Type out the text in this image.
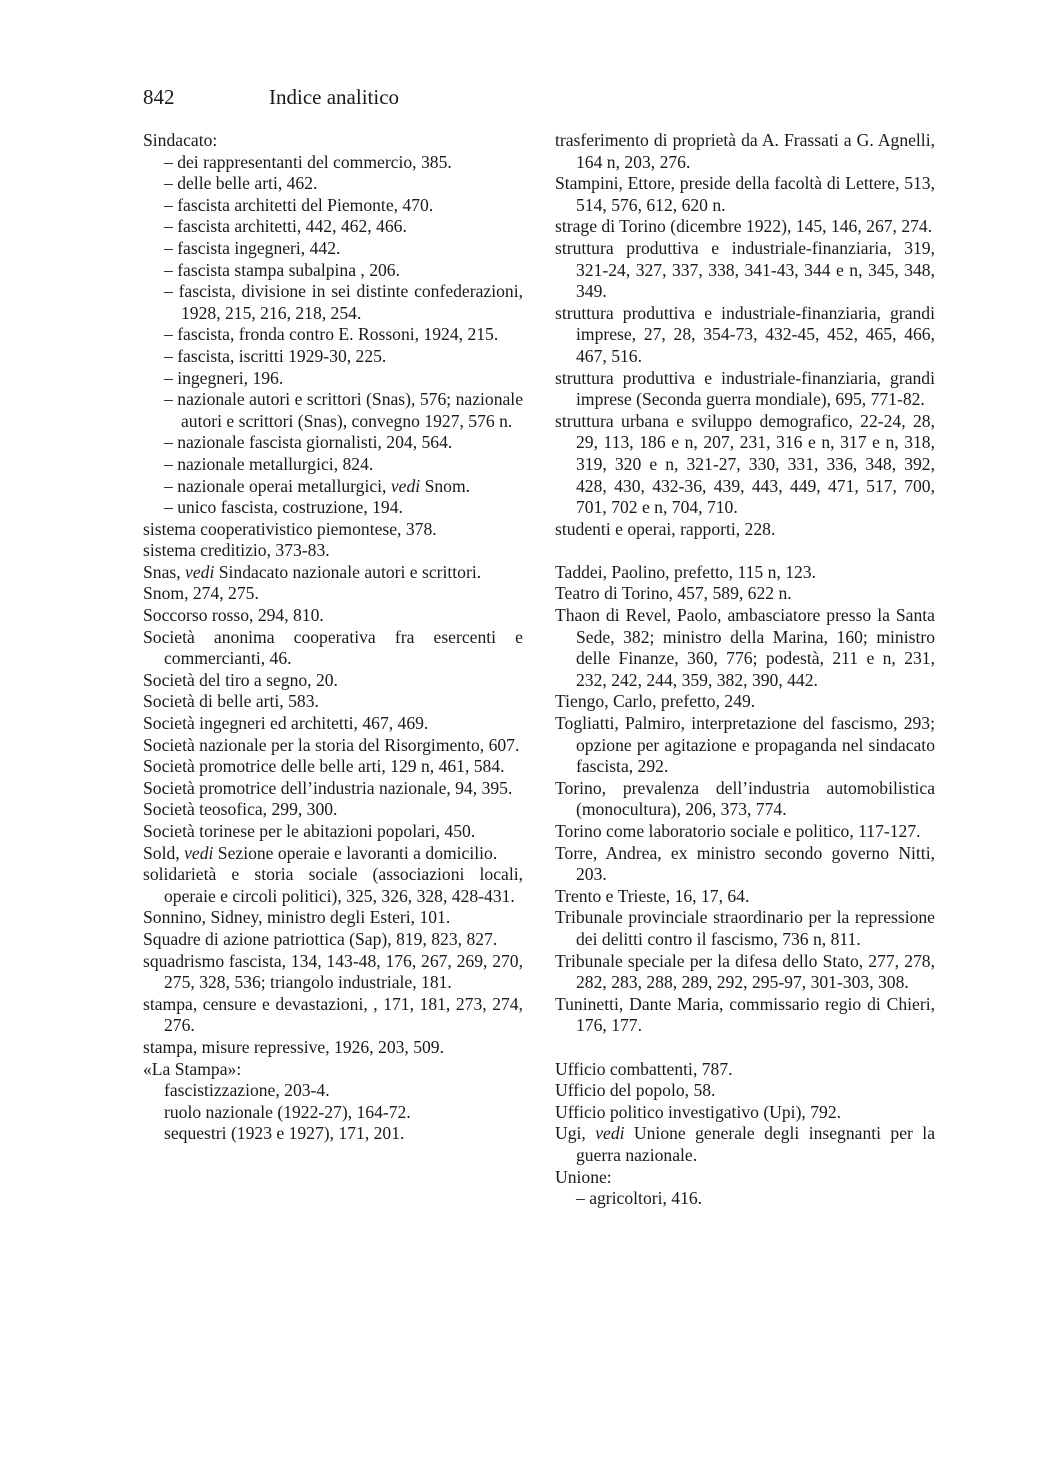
842	Indice analitico

Sindacato:

– dei rappresentanti del commercio, 385.

– delle belle arti, 462.

– fascista architetti del Piemonte, 470.

– fascista architetti, 442, 462, 466.

– fascista ingegneri, 442.

– fascista stampa subalpina , 206.

– fascista, divisione in sei distinte confederazioni, 1928, 215, 216, 218, 254.

– fascista, fronda contro E. Rossoni, 1924, 215.

– fascista, iscritti 1929-30, 225.

– ingegneri, 196.

– nazionale autori e scrittori (Snas), 576; nazionale autori e scrittori (Snas), convegno 1927, 576 n.

– nazionale fascista giornalisti, 204, 564.

– nazionale metallurgici, 824.

– nazionale operai metallurgici, vedi Snom.

– unico fascista, costruzione, 194.

sistema cooperativistico piemontese, 378.

sistema creditizio, 373-83.

Snas, vedi Sindacato nazionale autori e scrittori.

Snom, 274, 275.

Soccorso rosso, 294, 810.

Società anonima cooperativa fra esercenti e commercianti, 46.

Società del tiro a segno, 20.

Società di belle arti, 583.

Società ingegneri ed architetti, 467, 469.

Società nazionale per la storia del Risorgimento, 607.

Società promotrice delle belle arti, 129 n, 461, 584.

Società promotrice dell’industria nazionale, 94, 395.

Società teosofica, 299, 300.

Società torinese per le abitazioni popolari, 450.

Sold, vedi Sezione operaie e lavoranti a domicilio.

solidarietà e storia sociale (associazioni locali, operaie e circoli politici), 325, 326, 328, 428-431.

Sonnino, Sidney, ministro degli Esteri, 101.

Squadre di azione patriottica (Sap), 819, 823, 827.

squadrismo fascista, 134, 143-48, 176, 267, 269, 270, 275, 328, 536; triangolo industriale, 181.

stampa, censure e devastazioni, , 171, 181, 273, 274, 276.

stampa, misure repressive, 1926, 203, 509.

«La Stampa»:

fascistizzazione, 203-4.

ruolo nazionale (1922-27), 164-72.

sequestri (1923 e 1927), 171, 201.

trasferimento di proprietà da A. Frassati a G. Agnelli, 164 n, 203, 276.

Stampini, Ettore, preside della facoltà di Lettere, 513, 514, 576, 612, 620 n.

strage di Torino (dicembre 1922), 145, 146, 267, 274.

struttura produttiva e industriale-finanziaria, 319, 321-24, 327, 337, 338, 341-43, 344 e n, 345, 348, 349.

struttura produttiva e industriale-finanziaria, grandi imprese, 27, 28, 354-73, 432-45, 452, 465, 466, 467, 516.

struttura produttiva e industriale-finanziaria, grandi imprese (Seconda guerra mondiale), 695, 771-82.

struttura urbana e sviluppo demografico, 22-24, 28, 29, 113, 186 e n, 207, 231, 316 e n, 317 e n, 318, 319, 320 e n, 321-27, 330, 331, 336, 348, 392, 428, 430, 432-36, 439, 443, 449, 471, 517, 700, 701, 702 e n, 704, 710.

studenti e operai, rapporti, 228.

Taddei, Paolino, prefetto, 115 n, 123.

Teatro di Torino, 457, 589, 622 n.

Thaon di Revel, Paolo, ambasciatore presso la Santa Sede, 382; ministro della Marina, 160; ministro delle Finanze, 360, 776; podestà, 211 e n, 231, 232, 242, 244, 359, 382, 390, 442.

Tiengo, Carlo, prefetto, 249.

Togliatti, Palmiro, interpretazione del fascismo, 293; opzione per agitazione e propaganda nel sindacato fascista, 292.

Torino, prevalenza dell’industria automobilistica (monocultura), 206, 373, 774.

Torino come laboratorio sociale e politico, 117-127.

Torre, Andrea, ex ministro secondo governo Nitti, 203.

Trento e Trieste, 16, 17, 64.

Tribunale provinciale straordinario per la repressione dei delitti contro il fascismo, 736 n, 811.

Tribunale speciale per la difesa dello Stato, 277, 278, 282, 283, 288, 289, 292, 295-97, 301-303, 308.

Tuninetti, Dante Maria, commissario regio di Chieri, 176, 177.

Ufficio combattenti, 787.

Ufficio del popolo, 58.

Ufficio politico investigativo (Upi), 792.

Ugi, vedi Unione generale degli insegnanti per la guerra nazionale.

Unione:

– agricoltori, 416.
